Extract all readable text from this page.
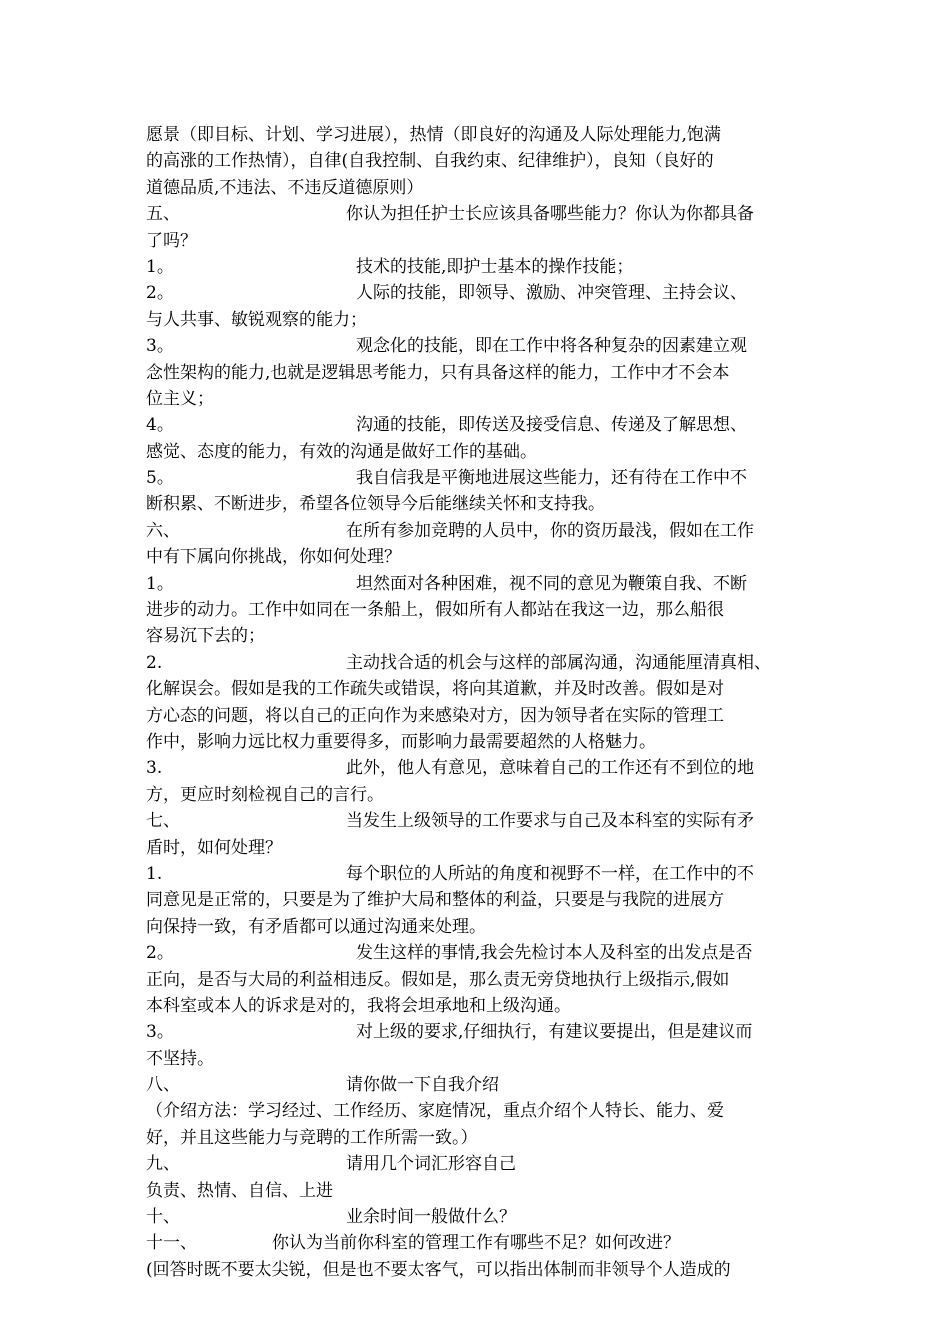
愿景（即目标、计划、学习进展），热情（即良好的沟通及人际处理能力,饱满
的高涨的工作热情），自律(自我控制、自我约束、纪律维护），良知（良好的
道德品质,不违法、不违反道德原则）
五、	你认为担任护士长应该具备哪些能力？你认为你都具备
了吗？
1。	技术的技能,即护士基本的操作技能；
2。	人际的技能，即领导、激励、冲突管理、主持会议、
与人共事、敏锐观察的能力；
3。	观念化的技能，即在工作中将各种复杂的因素建立观
念性架构的能力,也就是逻辑思考能力，只有具备这样的能力，工作中才不会本
位主义；
4。	沟通的技能，即传送及接受信息、传递及了解思想、
感觉、态度的能力，有效的沟通是做好工作的基础。
5。	我自信我是平衡地进展这些能力，还有待在工作中不
断积累、不断进步，希望各位领导今后能继续关怀和支持我。
六、	在所有参加竞聘的人员中，你的资历最浅，假如在工作
中有下属向你挑战，你如何处理？
1。	坦然面对各种困难，视不同的意见为鞭策自我、不断
进步的动力。工作中如同在一条船上，假如所有人都站在我这一边，那么船很
容易沉下去的；
2.	主动找合适的机会与这样的部属沟通，沟通能厘清真相、
化解误会。假如是我的工作疏失或错误，将向其道歉，并及时改善。假如是对
方心态的问题，将以自己的正向作为来感染对方，因为领导者在实际的管理工
作中，影响力远比权力重要得多，而影响力最需要超然的人格魅力。
3.	此外，他人有意见，意味着自己的工作还有不到位的地
方，更应时刻检视自己的言行。
七、	当发生上级领导的工作要求与自己及本科室的实际有矛
盾时，如何处理？
1.	每个职位的人所站的角度和视野不一样，在工作中的不
同意见是正常的，只要是为了维护大局和整体的利益，只要是与我院的进展方
向保持一致，有矛盾都可以通过沟通来处理。
2。	发生这样的事情,我会先检讨本人及科室的出发点是否
正向，是否与大局的利益相违反。假如是，那么责无旁贷地执行上级指示,假如
本科室或本人的诉求是对的，我将会坦承地和上级沟通。
3。	对上级的要求,仔细执行，有建议要提出，但是建议而
不坚持。
八、	请你做一下自我介绍
（介绍方法：学习经过、工作经历、家庭情况，重点介绍个人特长、能力、爱
好，并且这些能力与竞聘的工作所需一致。）
九、	请用几个词汇形容自己
负责、热情、自信、上进
十、	业余时间一般做什么？
十一、	你认为当前你科室的管理工作有哪些不足？如何改进？
(回答时既不要太尖锐，但是也不要太客气，可以指出体制而非领导个人造成的
